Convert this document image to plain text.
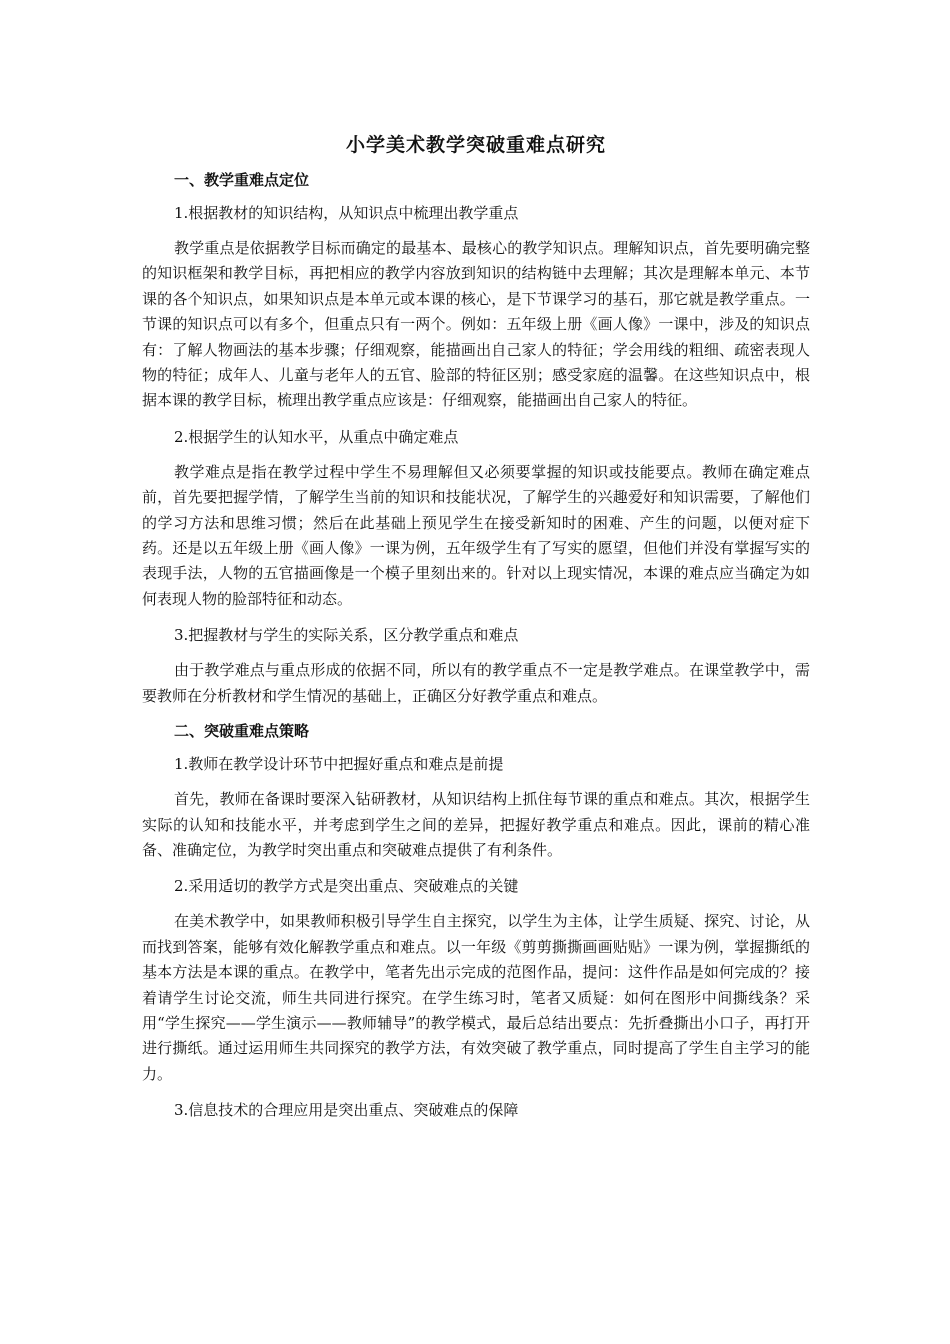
小学美术教学突破重难点研究
一、教学重难点定位
1.根据教材的知识结构，从知识点中梳理出教学重点
教学重点是依据教学目标而确定的最基本、最核心的教学知识点。理解知识点，首先要明确完整的知识框架和教学目标，再把相应的教学内容放到知识的结构链中去理解；其次是理解本单元、本节课的各个知识点，如果知识点是本单元或本课的核心，是下节课学习的基石，那它就是教学重点。一节课的知识点可以有多个，但重点只有一两个。例如：五年级上册《画人像》一课中，涉及的知识点有：了解人物画法的基本步骤；仔细观察，能描画出自己家人的特征；学会用线的粗细、疏密表现人物的特征；成年人、儿童与老年人的五官、脸部的特征区别；感受家庭的温馨。在这些知识点中，根据本课的教学目标，梳理出教学重点应该是：仔细观察，能描画出自己家人的特征。
2.根据学生的认知水平，从重点中确定难点
教学难点是指在教学过程中学生不易理解但又必须要掌握的知识或技能要点。教师在确定难点前，首先要把握学情，了解学生当前的知识和技能状况，了解学生的兴趣爱好和知识需要，了解他们的学习方法和思维习惯；然后在此基础上预见学生在接受新知时的困难、产生的问题，以便对症下药。还是以五年级上册《画人像》一课为例，五年级学生有了写实的愿望，但他们并没有掌握写实的表现手法，人物的五官描画像是一个模子里刻出来的。针对以上现实情况，本课的难点应当确定为如何表现人物的脸部特征和动态。
3.把握教材与学生的实际关系，区分教学重点和难点
由于教学难点与重点形成的依据不同，所以有的教学重点不一定是教学难点。在课堂教学中，需要教师在分析教材和学生情况的基础上，正确区分好教学重点和难点。
二、突破重难点策略
1.教师在教学设计环节中把握好重点和难点是前提
首先，教师在备课时要深入钻研教材，从知识结构上抓住每节课的重点和难点。其次，根据学生实际的认知和技能水平，并考虑到学生之间的差异，把握好教学重点和难点。因此，课前的精心准备、准确定位，为教学时突出重点和突破难点提供了有利条件。
2.采用适切的教学方式是突出重点、突破难点的关键
在美术教学中，如果教师积极引导学生自主探究，以学生为主体，让学生质疑、探究、讨论，从而找到答案，能够有效化解教学重点和难点。以一年级《剪剪撕撕画画贴贴》一课为例，掌握撕纸的基本方法是本课的重点。在教学中，笔者先出示完成的范图作品，提问：这件作品是如何完成的？接着请学生讨论交流，师生共同进行探究。在学生练习时，笔者又质疑：如何在图形中间撕线条？采用“学生探究——学生演示——教师辅导”的教学模式，最后总结出要点：先折叠撕出小口子，再打开进行撕纸。通过运用师生共同探究的教学方法，有效突破了教学重点，同时提高了学生自主学习的能力。
3.信息技术的合理应用是突出重点、突破难点的保障
